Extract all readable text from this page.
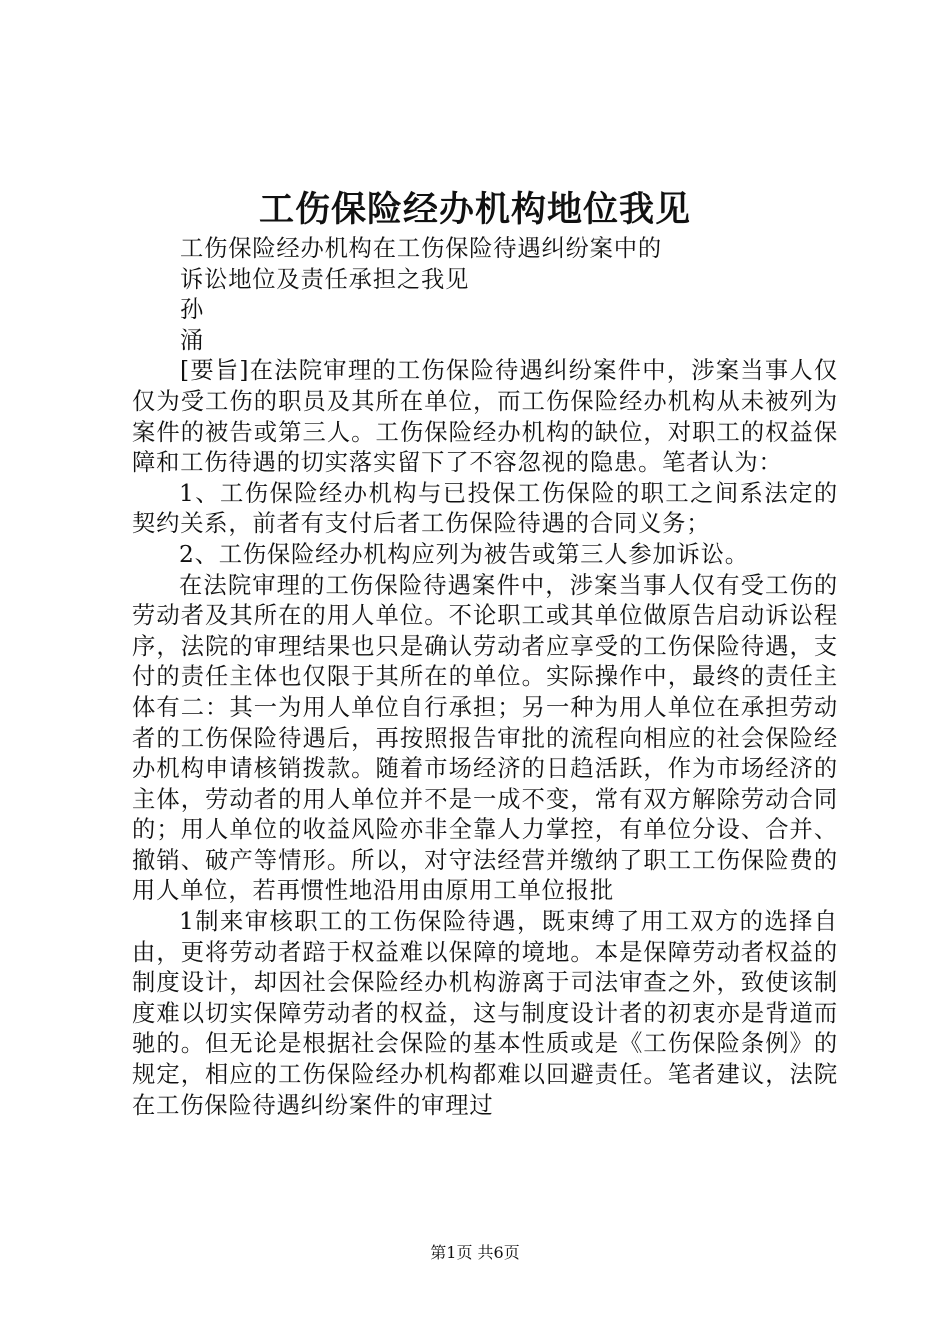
工伤保险经办机构地位我见

工伤保险经办机构在工伤保险待遇纠纷案中的

诉讼地位及责任承担之我见

孙

涌

[要旨]在法院审理的工伤保险待遇纠纷案件中，涉案当事人仅仅为受工伤的职员及其所在单位，而工伤保险经办机构从未被列为案件的被告或第三人。工伤保险经办机构的缺位，对职工的权益保障和工伤待遇的切实落实留下了不容忽视的隐患。笔者认为：

1、工伤保险经办机构与已投保工伤保险的职工之间系法定的契约关系，前者有支付后者工伤保险待遇的合同义务；

2、工伤保险经办机构应列为被告或第三人参加诉讼。

在法院审理的工伤保险待遇案件中，涉案当事人仅有受工伤的劳动者及其所在的用人单位。不论职工或其单位做原告启动诉讼程序，法院的审理结果也只是确认劳动者应享受的工伤保险待遇，支付的责任主体也仅限于其所在的单位。实际操作中，最终的责任主体有二：其一为用人单位自行承担；另一种为用人单位在承担劳动者的工伤保险待遇后，再按照报告审批的流程向相应的社会保险经办机构申请核销拨款。随着市场经济的日趋活跃，作为市场经济的主体，劳动者的用人单位并不是一成不变，常有双方解除劳动合同的；用人单位的收益风险亦非全靠人力掌控，有单位分设、合并、撤销、破产等情形。所以，对守法经营并缴纳了职工工伤保险费的用人单位，若再惯性地沿用由原用工单位报批

1制来审核职工的工伤保险待遇，既束缚了用工双方的选择自由，更将劳动者踣于权益难以保障的境地。本是保障劳动者权益的制度设计，却因社会保险经办机构游离于司法审查之外，致使该制度难以切实保障劳动者的权益，这与制度设计者的初衷亦是背道而驰的。但无论是根据社会保险的基本性质或是《工伤保险条例》的规定，相应的工伤保险经办机构都难以回避责任。笔者建议，法院在工伤保险待遇纠纷案件的审理过

第1页 共6页
